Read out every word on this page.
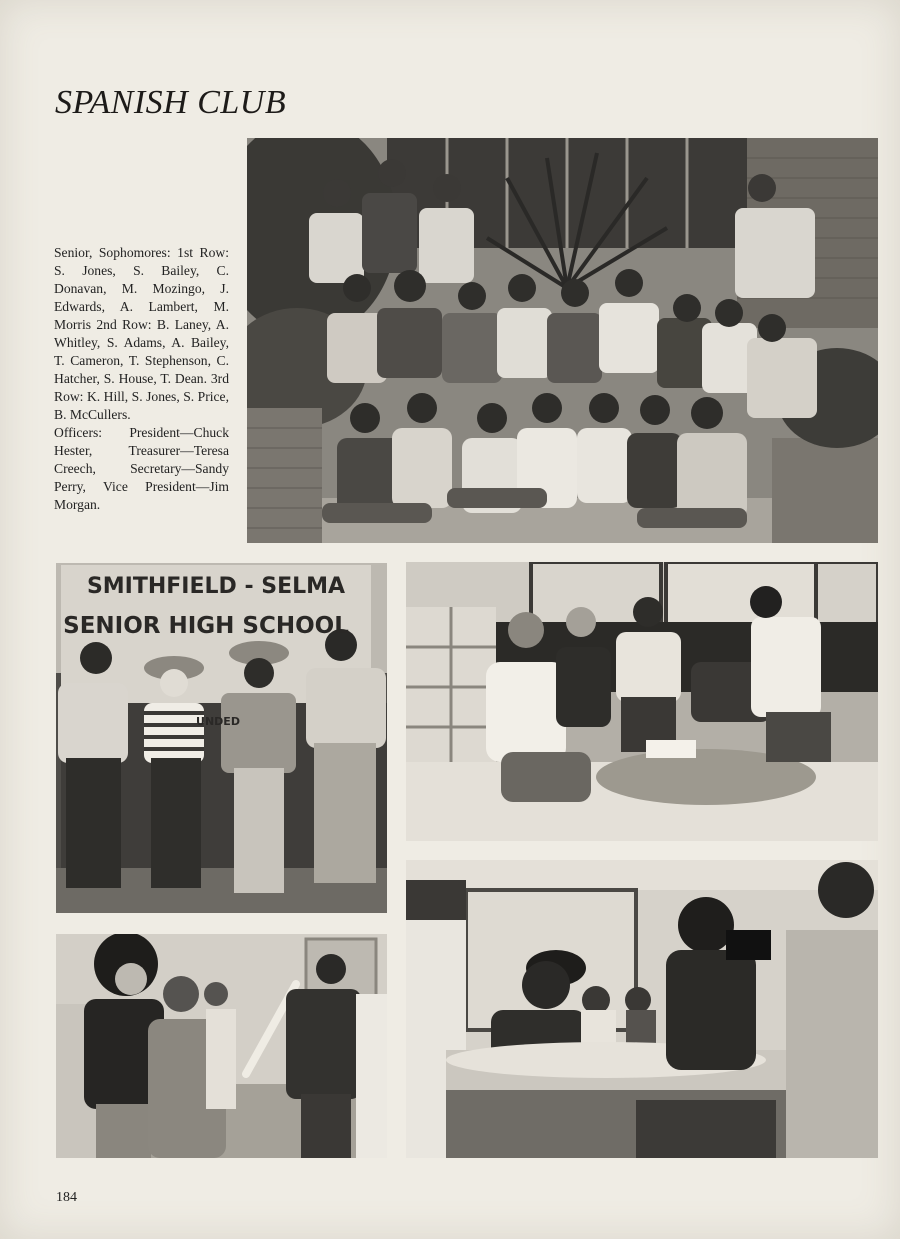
SPANISH CLUB

Senior, Sophomores: 1st Row: S. Jones, S. Bailey, C. Donavan, M. Mozingo, J. Edwards, A. Lambert, M. Morris 2nd Row: B. Laney, A. Whitley, S. Adams, A. Bailey, T. Cameron, T. Stephenson, C. Hatcher, S. House, T. Dean. 3rd Row: K. Hill, S. Jones, S. Price, B. McCullers.

Officers: President—Chuck Hester, Treasurer—Teresa Creech, Secretary—Sandy Perry, Vice President—Jim Morgan.

SMITHFIELD - SELMA
SENIOR HIGH SCHOOL
UNDED
184
